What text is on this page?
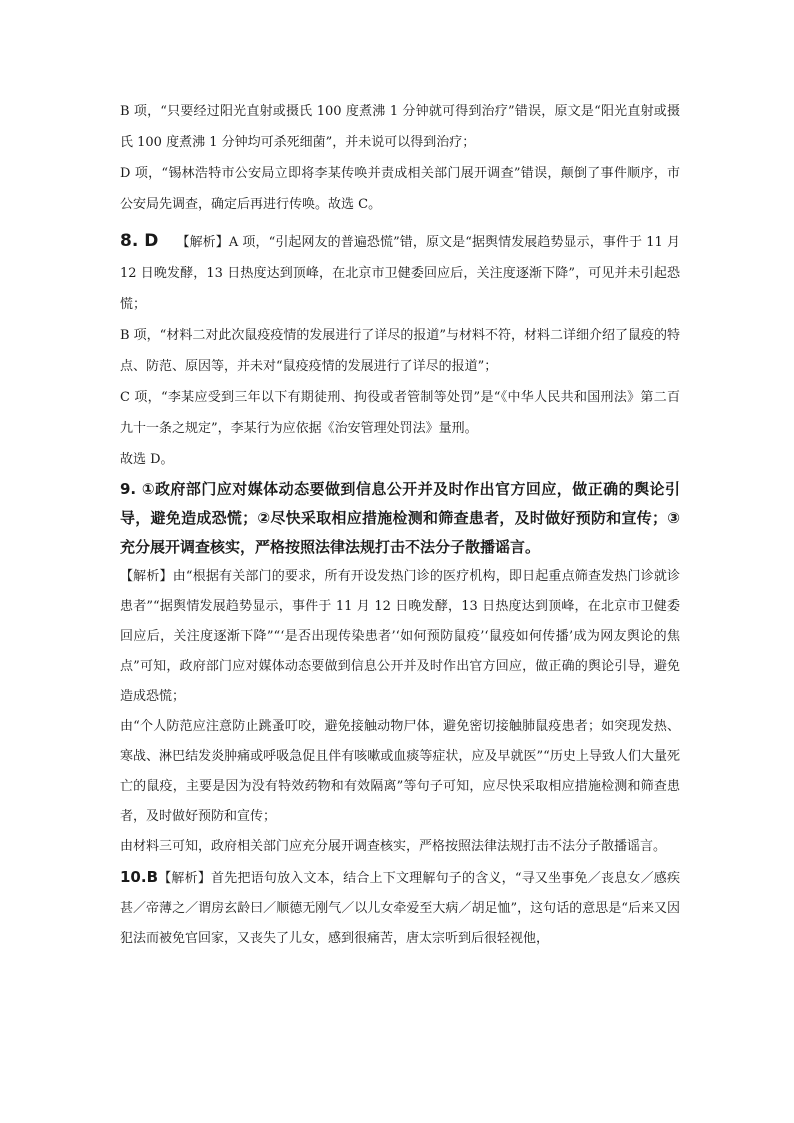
B 项，“只要经过阳光直射或摄氏 100 度煮沸 1 分钟就可得到治疗”错误，原文是“阳光直射或摄氏 100 度煮沸 1 分钟均可杀死细菌”，并未说可以得到治疗；

D 项，“锡林浩特市公安局立即将李某传唤并责成相关部门展开调查”错误，颠倒了事件顺序，市公安局先调查，确定后再进行传唤。故选 C。

8. D 【解析】A 项，“引起网友的普遍恐慌”错，原文是“据舆情发展趋势显示，事件于 11 月 12 日晚发酵，13 日热度达到顶峰，在北京市卫健委回应后，关注度逐渐下降”，可见并未引起恐慌；

B 项，“材料二对此次鼠疫疫情的发展进行了详尽的报道”与材料不符，材料二详细介绍了鼠疫的特点、防范、原因等，并未对“鼠疫疫情的发展进行了详尽的报道”；

C 项，“李某应受到三年以下有期徒刑、拘役或者管制等处罚”是“《中华人民共和国刑法》第二百九十一条之规定”，李某行为应依据《治安管理处罚法》量刑。

故选 D。

9. ①政府部门应对媒体动态要做到信息公开并及时作出官方回应，做正确的舆论引导，避免造成恐慌；②尽快采取相应措施检测和筛查患者，及时做好预防和宣传；③充分展开调查核实，严格按照法律法规打击不法分子散播谣言。

【解析】由“根据有关部门的要求，所有开设发热门诊的医疗机构，即日起重点筛查发热门诊就诊患者”“据舆情发展趋势显示，事件于 11 月 12 日晚发酵，13 日热度达到顶峰，在北京市卫健委回应后，关注度逐渐下降”“‘是否出现传染患者’‘如何预防鼠疫’‘鼠疫如何传播’成为网友舆论的焦点”可知，政府部门应对媒体动态要做到信息公开并及时作出官方回应，做正确的舆论引导，避免造成恐慌；

由“个人防范应注意防止跳蚤叮咬，避免接触动物尸体，避免密切接触肺鼠疫患者；如突现发热、寒战、淋巴结发炎肿痛或呼吸急促且伴有咳嗽或血痰等症状，应及早就医”“历史上导致人们大量死亡的鼠疫，主要是因为没有特效药物和有效隔离”等句子可知，应尽快采取相应措施检测和筛查患者，及时做好预防和宣传；

由材料三可知，政府相关部门应充分展开调查核实，严格按照法律法规打击不法分子散播谣言。

10.B【解析】首先把语句放入文本，结合上下文理解句子的含义，“寻又坐事免／丧息女／感疾甚／帝薄之／谓房玄龄曰／顺德无刚气／以儿女牵爱至大病／胡足恤”，这句话的意思是“后来又因犯法而被免官回家，又丧失了儿女，感到很痛苦，唐太宗听到后很轻视他，
